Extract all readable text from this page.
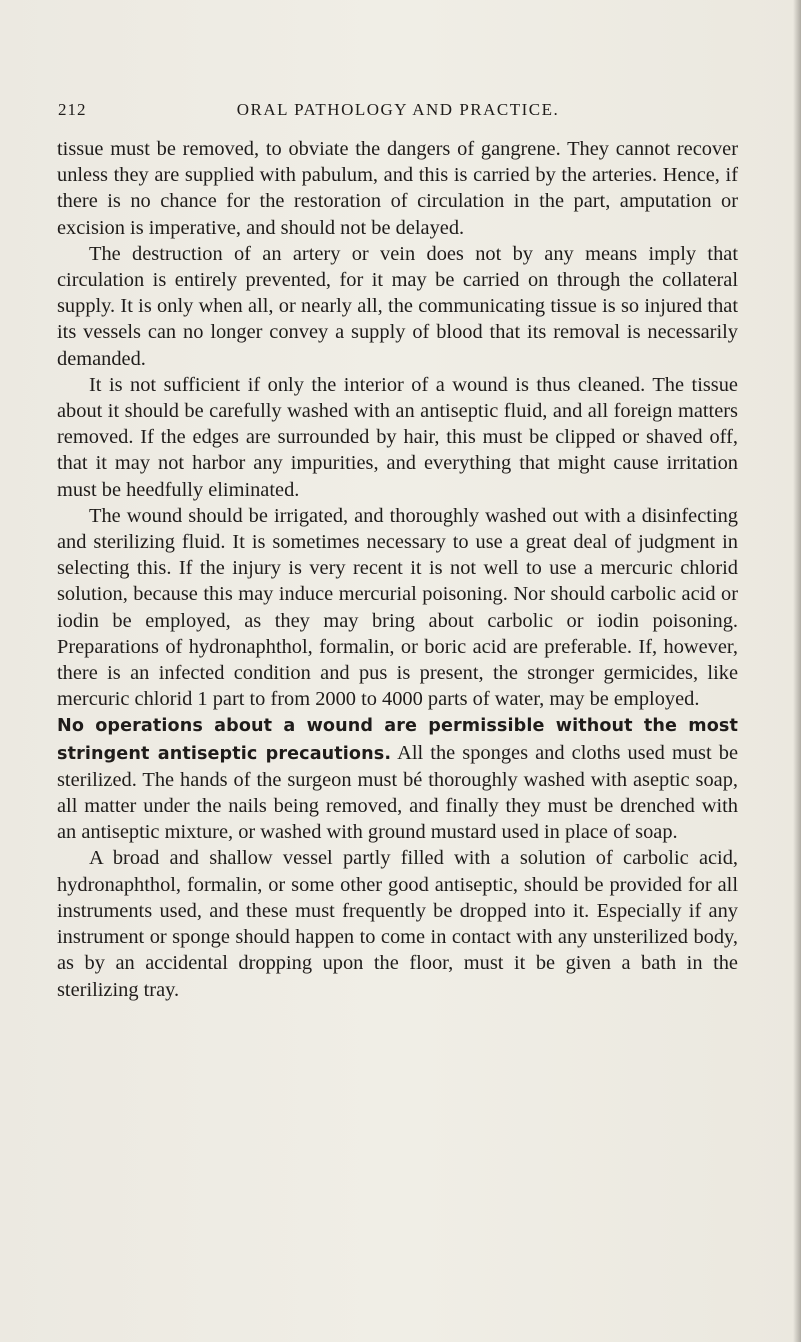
212	ORAL PATHOLOGY AND PRACTICE.

tissue must be removed, to obviate the dangers of gangrene. They cannot recover unless they are supplied with pabulum, and this is carried by the arteries. Hence, if there is no chance for the restoration of circulation in the part, amputation or excision is imperative, and should not be delayed.

The destruction of an artery or vein does not by any means imply that circulation is entirely prevented, for it may be carried on through the collateral supply. It is only when all, or nearly all, the communicating tissue is so injured that its vessels can no longer convey a supply of blood that its removal is necessarily demanded.

It is not sufficient if only the interior of a wound is thus cleaned. The tissue about it should be carefully washed with an antiseptic fluid, and all foreign matters removed. If the edges are surrounded by hair, this must be clipped or shaved off, that it may not harbor any impurities, and everything that might cause irritation must be heedfully eliminated.

The wound should be irrigated, and thoroughly washed out with a disinfecting and sterilizing fluid. It is sometimes necessary to use a great deal of judgment in selecting this. If the injury is very recent it is not well to use a mercuric chlorid solution, because this may induce mercurial poisoning. Nor should carbolic acid or iodin be employed, as they may bring about carbolic or iodin poisoning. Preparations of hydronaphthol, formalin, or boric acid are preferable. If, however, there is an infected condition and pus is present, the stronger germicides, like mercuric chlorid 1 part to from 2000 to 4000 parts of water, may be employed.

No operations about a wound are permissible without the most stringent antiseptic precautions. All the sponges and cloths used must be sterilized. The hands of the surgeon must bé thoroughly washed with aseptic soap, all matter under the nails being removed, and finally they must be drenched with an antiseptic mixture, or washed with ground mustard used in place of soap.

A broad and shallow vessel partly filled with a solution of carbolic acid, hydronaphthol, formalin, or some other good antiseptic, should be provided for all instruments used, and these must frequently be dropped into it. Especially if any instrument or sponge should happen to come in contact with any unsterilized body, as by an accidental dropping upon the floor, must it be given a bath in the sterilizing tray.
